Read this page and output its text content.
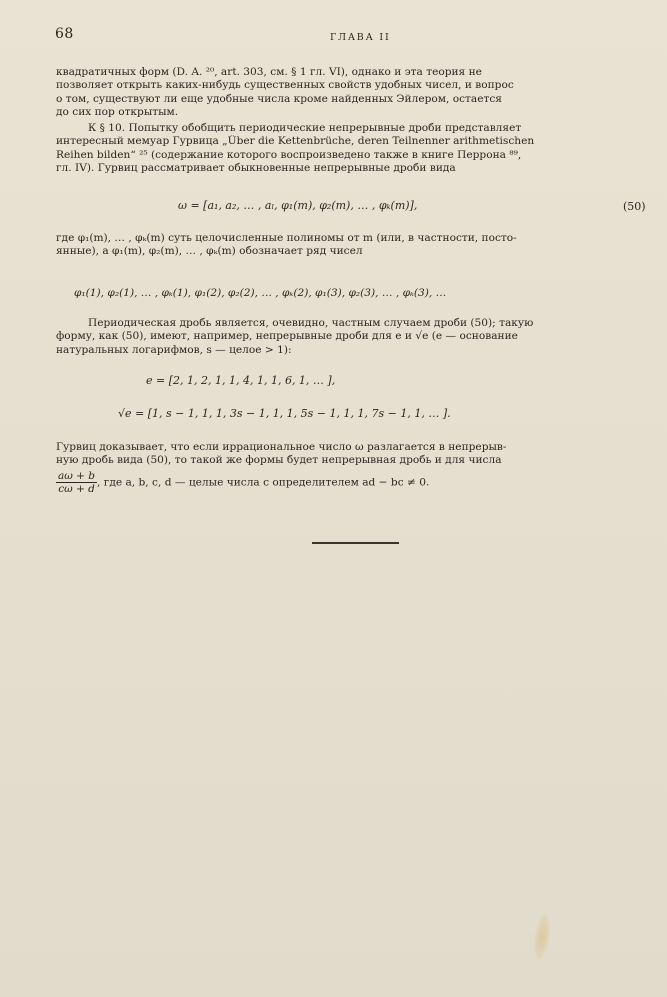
68	ГЛАВА II
квадратичных форм (D. A. ²⁰, art. 303, см. § 1 гл. VI), однако и эта теория не
позволяет открыть каких-нибудь существенных свойств удобных чисел, и вопрос
о том, существуют ли еще удобные числа кроме найденных Эйлером, остается
до сих пор открытым.
К § 10. Попытку обобщить периодические непрерывные дроби представляет
интересный мемуар Гурвица „Über die Kettenbrüche, deren Teilnenner arithmetischen
Reihen bilden“ ²⁵ (содержание которого воспроизведено также в книге Перрона ⁸⁹,
гл. IV). Гурвиц рассматривает обыкновенные непрерывные дроби вида
ω = [a₁, a₂, … , aₗ, φ₁(m), φ₂(m), … , φₖ(m)],	(50)
где φ₁(m), … , φₖ(m) суть целочисленные полиномы от m (или, в частности, посто-
янные), а φ₁(m), φ₂(m), … , φₖ(m) обозначает ряд чисел
φ₁(1), φ₂(1), … , φₖ(1), φ₁(2), φ₂(2), … , φₖ(2), φ₁(3), φ₂(3), … , φₖ(3), …
Периодическая дробь является, очевидно, частным случаем дроби (50); такую
форму, как (50), имеют, например, непрерывные дроби для e и √e (e — основание
натуральных логарифмов, s — целое > 1):
e = [2, 1, 2, 1, 1, 4, 1, 1, 6, 1, … ],
√e = [1, s − 1, 1, 1, 3s − 1, 1, 1, 5s − 1, 1, 1, 7s − 1, 1, … ].
Гурвиц доказывает, что если иррациональное число ω разлагается в непрерыв-
ную дробь вида (50), то такой же формы будет непрерывная дробь и для числа
$\frac{a\omega + b}{c\omega + d}$ , где a, b, c, d — целые числа с определителем ad − bc ≠ 0.
